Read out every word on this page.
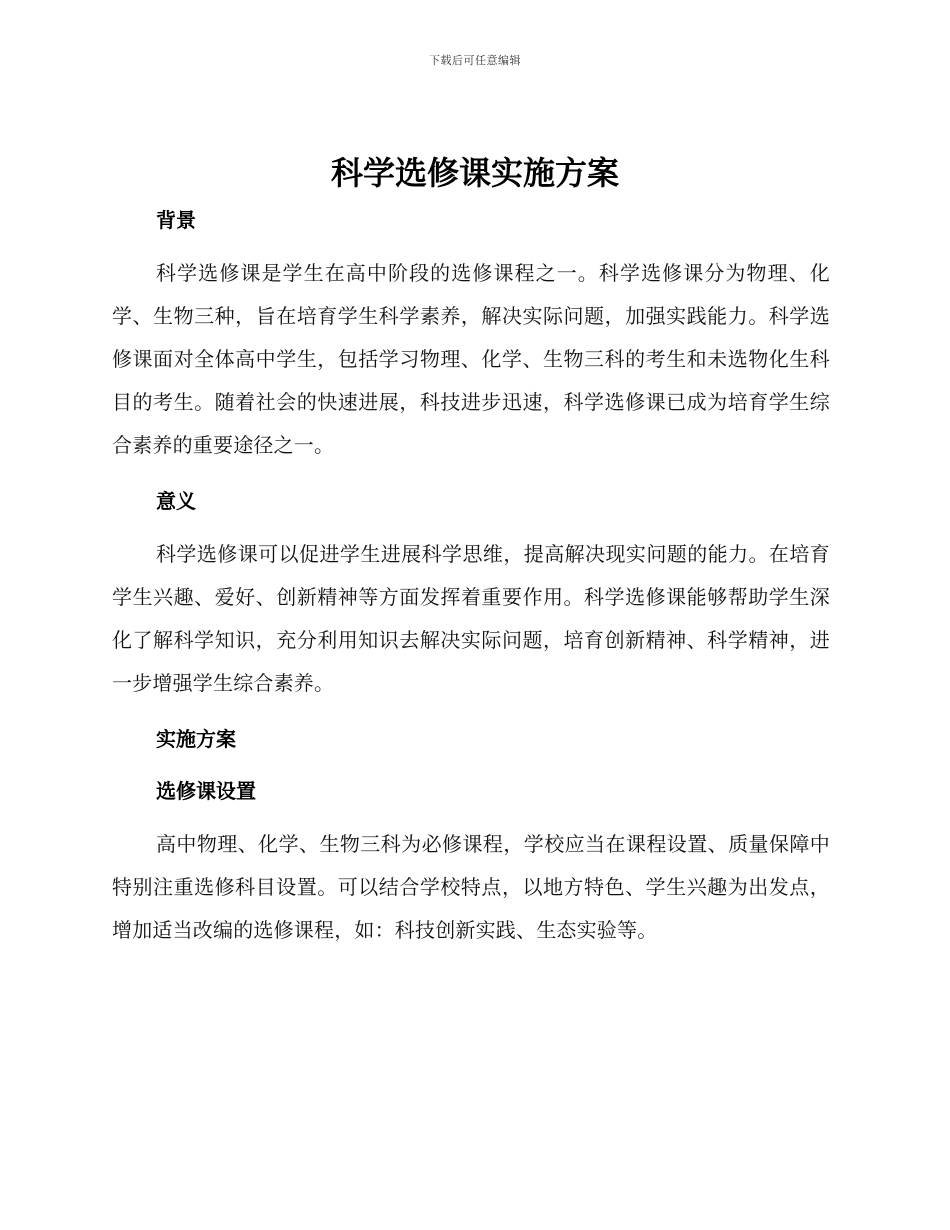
下载后可任意编辑
科学选修课实施方案
背景

科学选修课是学生在高中阶段的选修课程之一。科学选修课分为物理、化学、生物三种，旨在培育学生科学素养，解决实际问题，加强实践能力。科学选修课面对全体高中学生，包括学习物理、化学、生物三科的考生和未选物化生科目的考生。随着社会的快速进展，科技进步迅速，科学选修课已成为培育学生综合素养的重要途径之一。

意义

科学选修课可以促进学生进展科学思维，提高解决现实问题的能力。在培育学生兴趣、爱好、创新精神等方面发挥着重要作用。科学选修课能够帮助学生深化了解科学知识，充分利用知识去解决实际问题，培育创新精神、科学精神，进一步增强学生综合素养。

实施方案
选修课设置

高中物理、化学、生物三科为必修课程，学校应当在课程设置、质量保障中特别注重选修科目设置。可以结合学校特点，以地方特色、学生兴趣为出发点，增加适当改编的选修课程，如：科技创新实践、生态实验等。
